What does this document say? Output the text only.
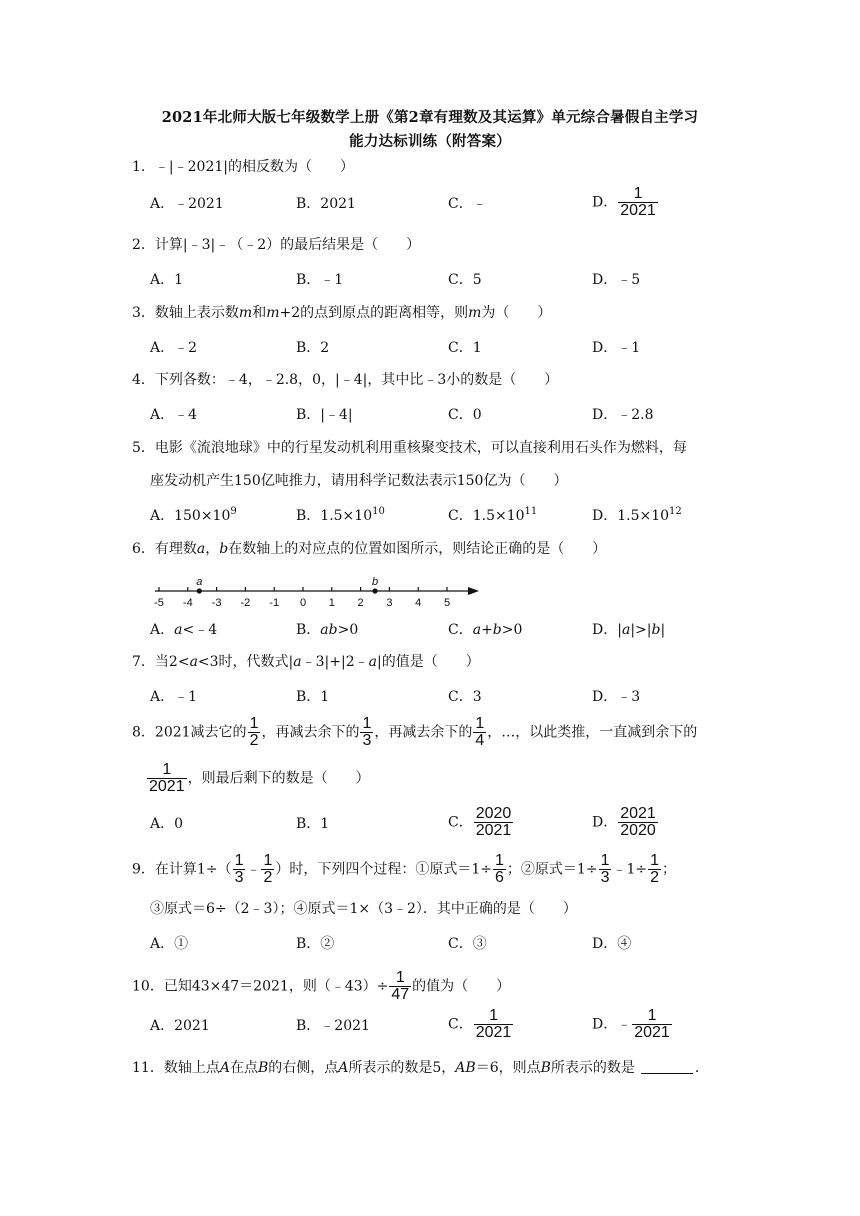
2021年北师大版七年级数学上册《第2章有理数及其运算》单元综合暑假自主学习
能力达标训练（附答案）
1．﹣|﹣2021|的相反数为（　　）
A．﹣2021	B．2021	C．﹣	D． $\frac{1}{2021}$
2．计算|﹣3|﹣（﹣2）的最后结果是（　　）
A．1	B．﹣1	C．5	D．﹣5
3．数轴上表示数m和m+2的点到原点的距离相等，则m为（　　）
A．﹣2	B．2	C．1	D．﹣1
4．下列各数：﹣4，﹣2.8，0，|﹣4|，其中比﹣3小的数是（　　）
A．﹣4	B．|﹣4|	C．0	D．﹣2.8
5．电影《流浪地球》中的行星发动机利用重核聚变技术，可以直接利用石头作为燃料，每
座发动机产生150亿吨推力，请用科学记数法表示150亿为（　　）
A．$150\times 10^9$	B．$1.5\times 10^{10}$	C．$1.5\times 10^{11}$	D．$1.5\times 10^{12}$
6．有理数a，b在数轴上的对应点的位置如图所示，则结论正确的是（　　）
-5 -4 -3 -2 -1 0 1 2 3 4 5
a	b
A．a<﹣4	B．ab>0	C．a+b>0	D．|a|>|b|
7．当2<a<3时，代数式|a﹣3|+|2﹣a|的值是（　　）
A．﹣1	B．1	C．3	D．﹣3
8．2021减去它的 $\frac{1}{2}$ ，再减去余下的 $\frac{1}{3}$ ，再减去余下的 $\frac{1}{4}$ ，…，以此类推，一直减到余下的
$\frac{1}{2021}$ ，则最后剩下的数是（　　）
A．0	B．1	C． $\frac{2020}{2021}$	D． $\frac{2021}{2020}$
9．在计算$1\div( \frac{1}{3}$ ﹣ $\frac{1}{2}$ ）时，下列四个过程：①原式$=1\div \frac{1}{6}$ ；②原式$=1\div \frac{1}{3}$ ﹣1÷ $\frac{1}{2}$ ；
③原式＝6÷（2﹣3）；④原式＝1×（3﹣2）．其中正确的是（　　）
A．①	B．②	C．③	D．④
10．已知43×47＝2021，则（﹣43）÷ $\frac{1}{47}$ 的值为（　　）
A．2021	B．﹣2021	C． $\frac{1}{2021}$	D．﹣ $\frac{1}{2021}$
11．数轴上点A在点B的右侧，点A所表示的数是5，AB＝6，则点B所表示的数是	．
